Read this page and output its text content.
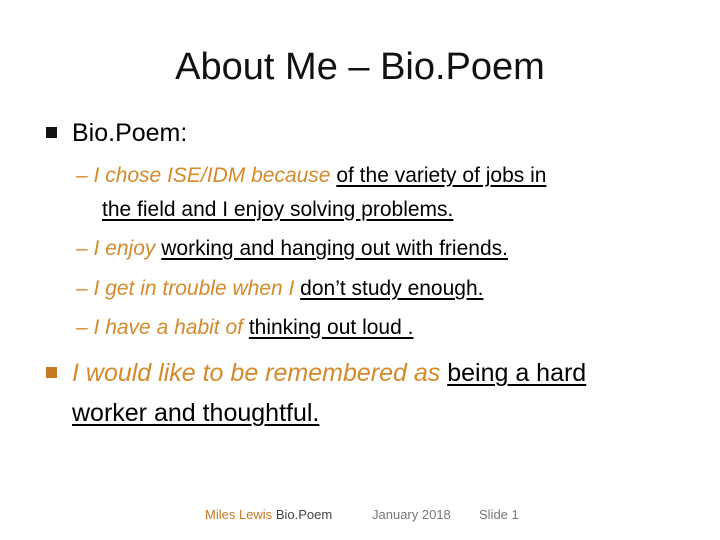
About Me – Bio.Poem
Bio.Poem:
– I chose ISE/IDM because of the variety of jobs in
the field and I enjoy solving problems.
– I enjoy working and hanging out with friends.
– I get in trouble when I don’t study enough.
– I have a habit of thinking out loud .
I would like to be remembered as being a hard
worker and thoughtful.
Miles Lewis Bio.Poem	January 2018 Slide 1
